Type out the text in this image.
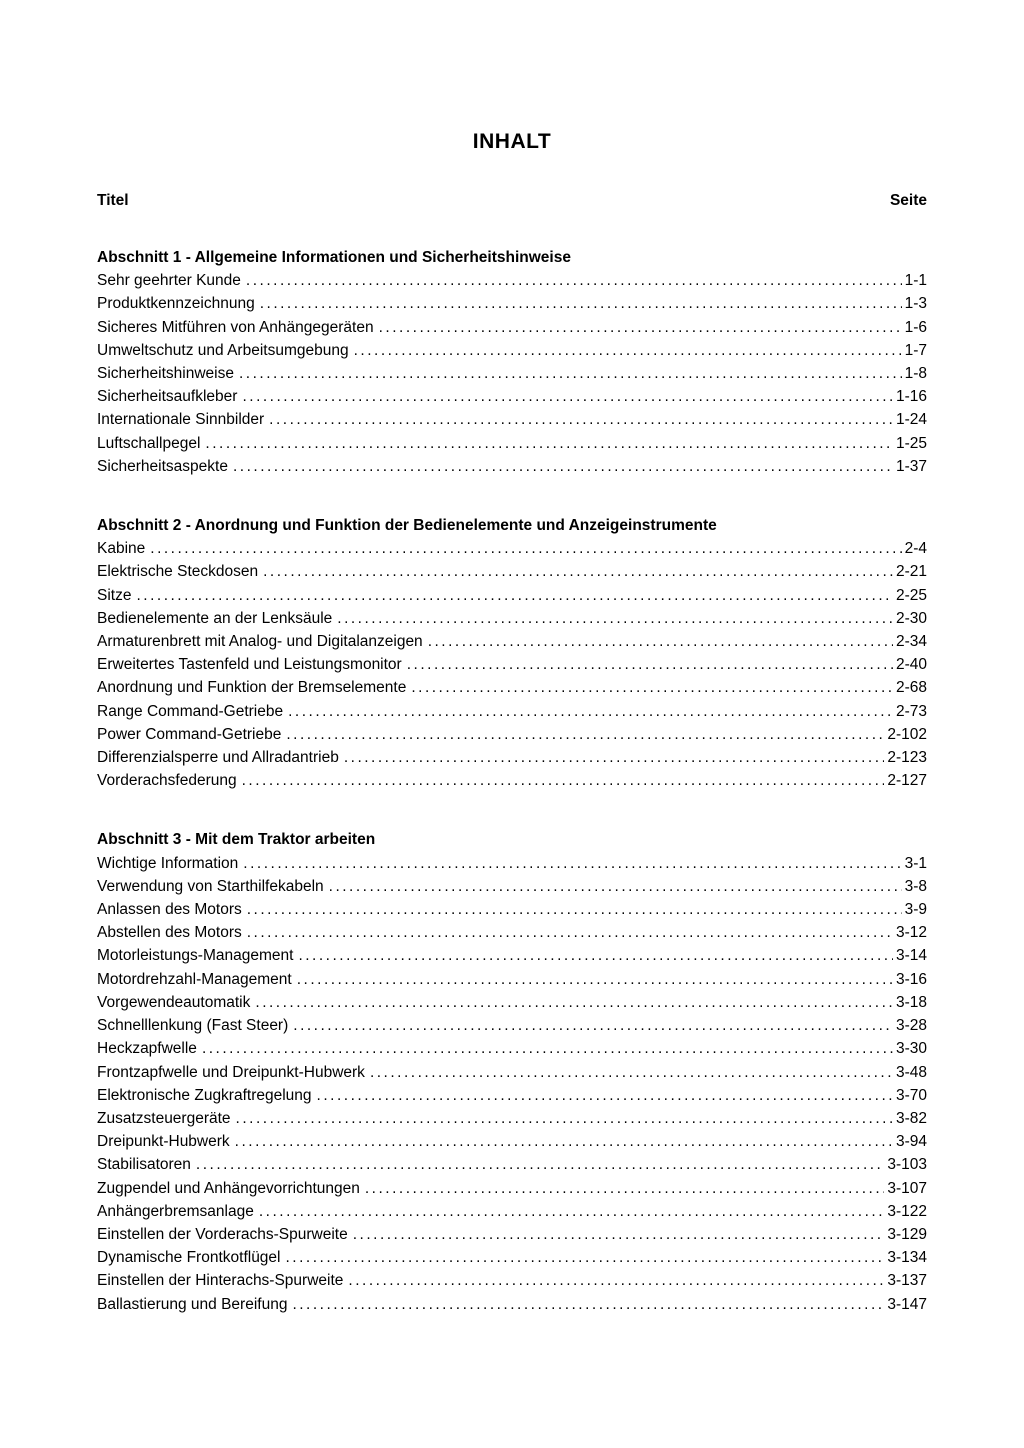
INHALT
Titel	Seite
Abschnitt 1 - Allgemeine Informationen und Sicherheitshinweise
Sehr geehrter Kunde .....	1-1
Produktkennzeichnung .....	1-3
Sicheres Mitführen von Anhängegeräten .....	1-6
Umweltschutz und Arbeitsumgebung .....	1-7
Sicherheitshinweise .....	1-8
Sicherheitsaufkleber .....	1-16
Internationale Sinnbilder .....	1-24
Luftschallpegel .....	1-25
Sicherheitsaspekte .....	1-37
Abschnitt 2 - Anordnung und Funktion der Bedienelemente und Anzeigeinstrumente
Kabine .....	2-4
Elektrische Steckdosen .....	2-21
Sitze .....	2-25
Bedienelemente an der Lenksäule .....	2-30
Armaturenbrett mit Analog- und Digitalanzeigen .....	2-34
Erweitertes Tastenfeld und Leistungsmonitor .....	2-40
Anordnung und Funktion der Bremselemente .....	2-68
Range Command-Getriebe .....	2-73
Power Command-Getriebe .....	2-102
Differenzialsperre und Allradantrieb .....	2-123
Vorderachsfederung .....	2-127
Abschnitt 3 - Mit dem Traktor arbeiten
Wichtige Information .....	3-1
Verwendung von Starthilfekabeln .....	3-8
Anlassen des Motors .....	3-9
Abstellen des Motors .....	3-12
Motorleistungs-Management .....	3-14
Motordrehzahl-Management .....	3-16
Vorgewendeautomatik .....	3-18
Schnelllenkung (Fast Steer) .....	3-28
Heckzapfwelle .....	3-30
Frontzapfwelle und Dreipunkt-Hubwerk .....	3-48
Elektronische Zugkraftregelung .....	3-70
Zusatzsteuergeräte .....	3-82
Dreipunkt-Hubwerk .....	3-94
Stabilisatoren .....	3-103
Zugpendel und Anhängevorrichtungen .....	3-107
Anhängerbremsanlage .....	3-122
Einstellen der Vorderachs-Spurweite .....	3-129
Dynamische Frontkotflügel .....	3-134
Einstellen der Hinterachs-Spurweite .....	3-137
Ballastierung und Bereifung .....	3-147
